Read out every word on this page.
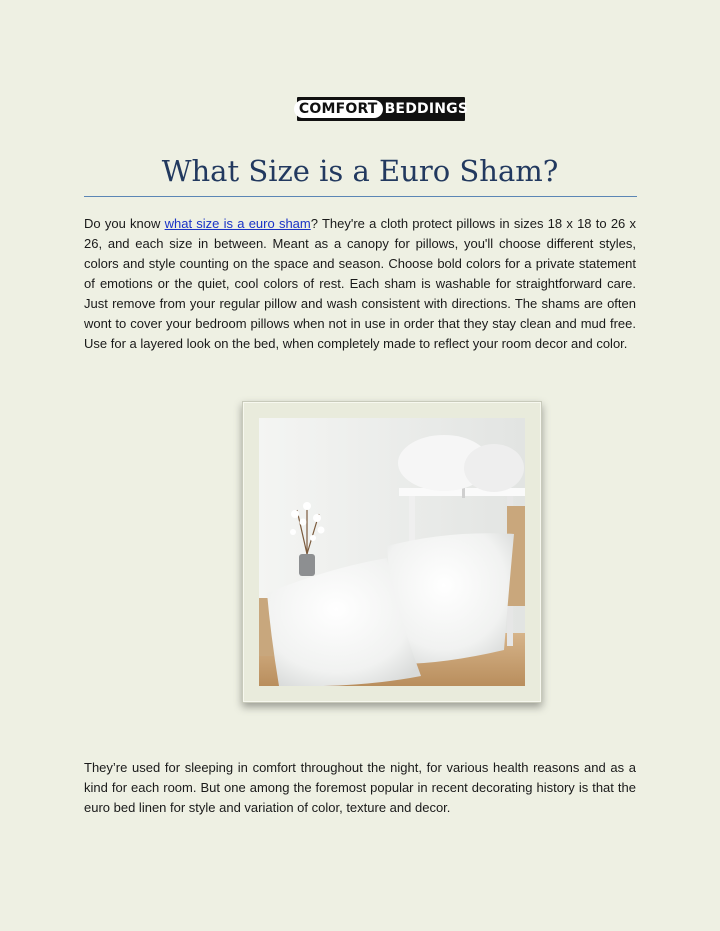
COMFORT BEDDINGS
What Size is a Euro Sham?

Do you know what size is a euro sham? They're a cloth protect pillows in sizes 18 x 18 to 26 x 26, and each size in between. Meant as a canopy for pillows, you'll choose different styles, colors and style counting on the space and season. Choose bold colors for a private statement of emotions or the quiet, cool colors of rest. Each sham is washable for straightforward care. Just remove from your regular pillow and wash consistent with directions. The shams are often wont to cover your bedroom pillows when not in use in order that they stay clean and mud free. Use for a layered look on the bed, when completely made to reflect your room decor and color.

They’re used for sleeping in comfort throughout the night, for various health reasons and as a kind for each room. But one among the foremost popular in recent decorating history is that the euro bed linen for style and variation of color, texture and decor.
